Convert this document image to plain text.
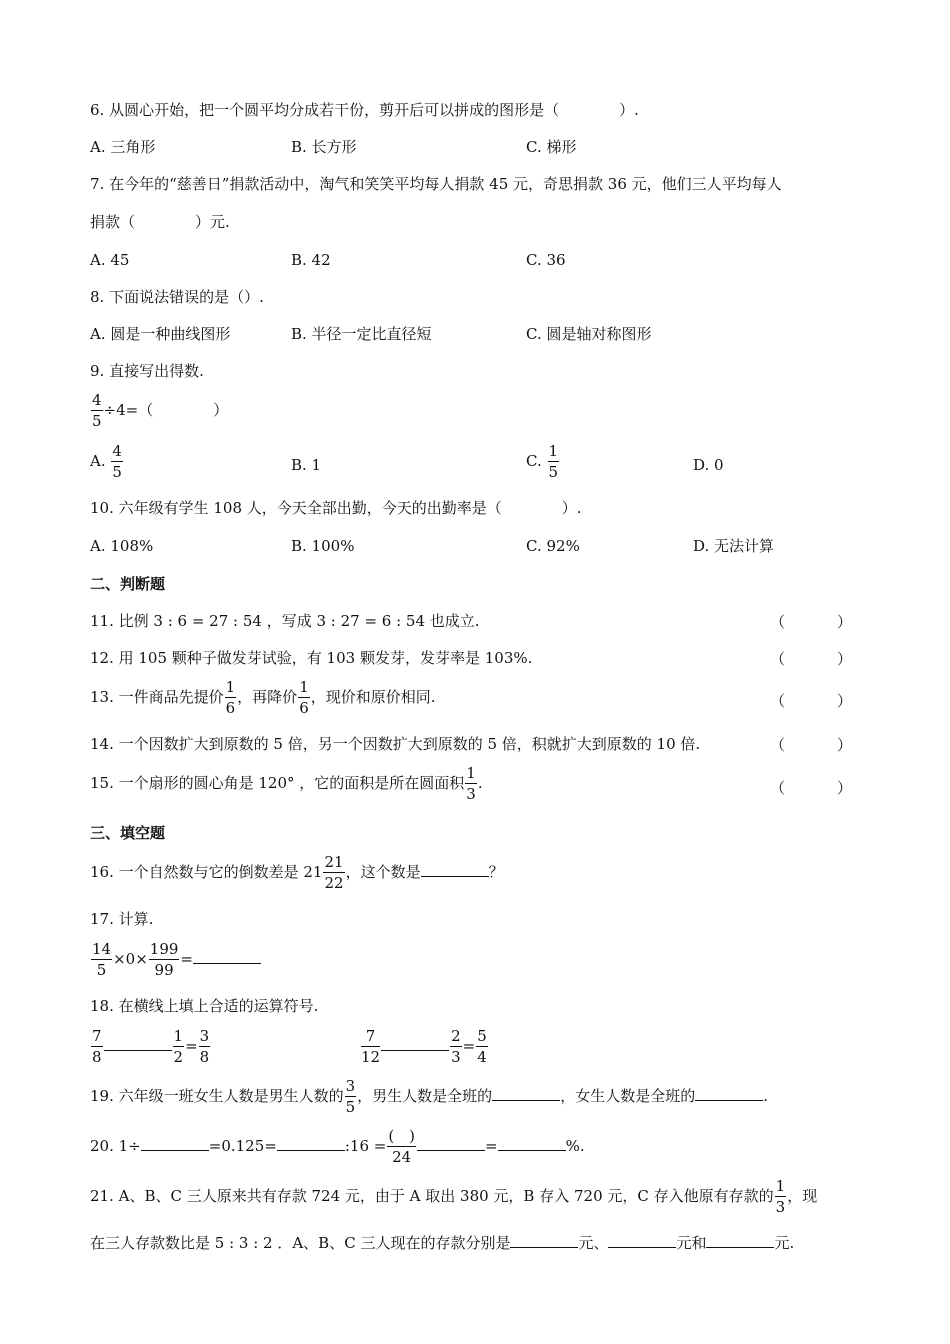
6. 从圆心开始，把一个圆平均分成若干份，剪开后可以拼成的图形是（　　　　）.
A. 三角形	B. 长方形	C. 梯形
7. 在今年的“慈善日”捐款活动中，淘气和笑笑平均每人捐款 45 元，奇思捐款 36 元，他们三人平均每人
捐款（　　　　）元.
A. 45	B. 42	C. 36
8. 下面说法错误的是（）.
A. 圆是一种曲线图形	B. 半径一定比直径短	C. 圆是轴对称图形
9. 直接写出得数.
$\frac{4}{5} \div 4=$（　　　　）
A. $\frac{4}{5}$	B. 1	C. $\frac{1}{5}$	D. 0
10. 六年级有学生 108 人，今天全部出勤，今天的出勤率是（　　　　）.
A. 108%	B. 100%	C. 92%	D. 无法计算
二、判断题
11. 比例 3 : 6 = 27 : 54 ，写成 3 : 27 = 6 : 54 也成立.	（	）
12. 用 105 颗种子做发芽试验，有 103 颗发芽，发芽率是 103%.	（	）
13. 一件商品先提价 $\frac{1}{6}$ ，再降价 $\frac{1}{6}$ ，现价和原价相同.	（	）
14. 一个因数扩大到原数的 5 倍，另一个因数扩大到原数的 5 倍，积就扩大到原数的 10 倍.	（	）
15. 一个扇形的圆心角是 120° ，它的面积是所在圆面积 $\frac{1}{3}$ .	（	）
三、填空题
16. 一个自然数与它的倒数差是 $21 \frac{21}{22}$ ，这个数是	？
17. 计算.
$\frac{14}{5} \times 0\times \frac{199}{99}$ =
18. 在横线上填上合适的运算符号.
$\frac{7}{8}$	$\frac{1}{2} = \frac{3}{8}$	$\frac{7}{12}$	$\frac{2}{3} = \frac{5}{4}$
19. 六年级一班女生人数是男生人数的 $\frac{3}{5}$ ，男生人数是全班的	，女生人数是全班的	.
20. 1÷	=0.125=	:16 = $\frac{( )}{24}$	=	%.
21. A、B、C 三人原来共有存款 724 元，由于 A 取出 380 元，B 存入 720 元，C 存入他原有存款的 $\frac{1}{3}$ ，现
在三人存款数比是 5 : 3 : 2 ．A、B、C 三人现在的存款分别是	元、	元和	元.
